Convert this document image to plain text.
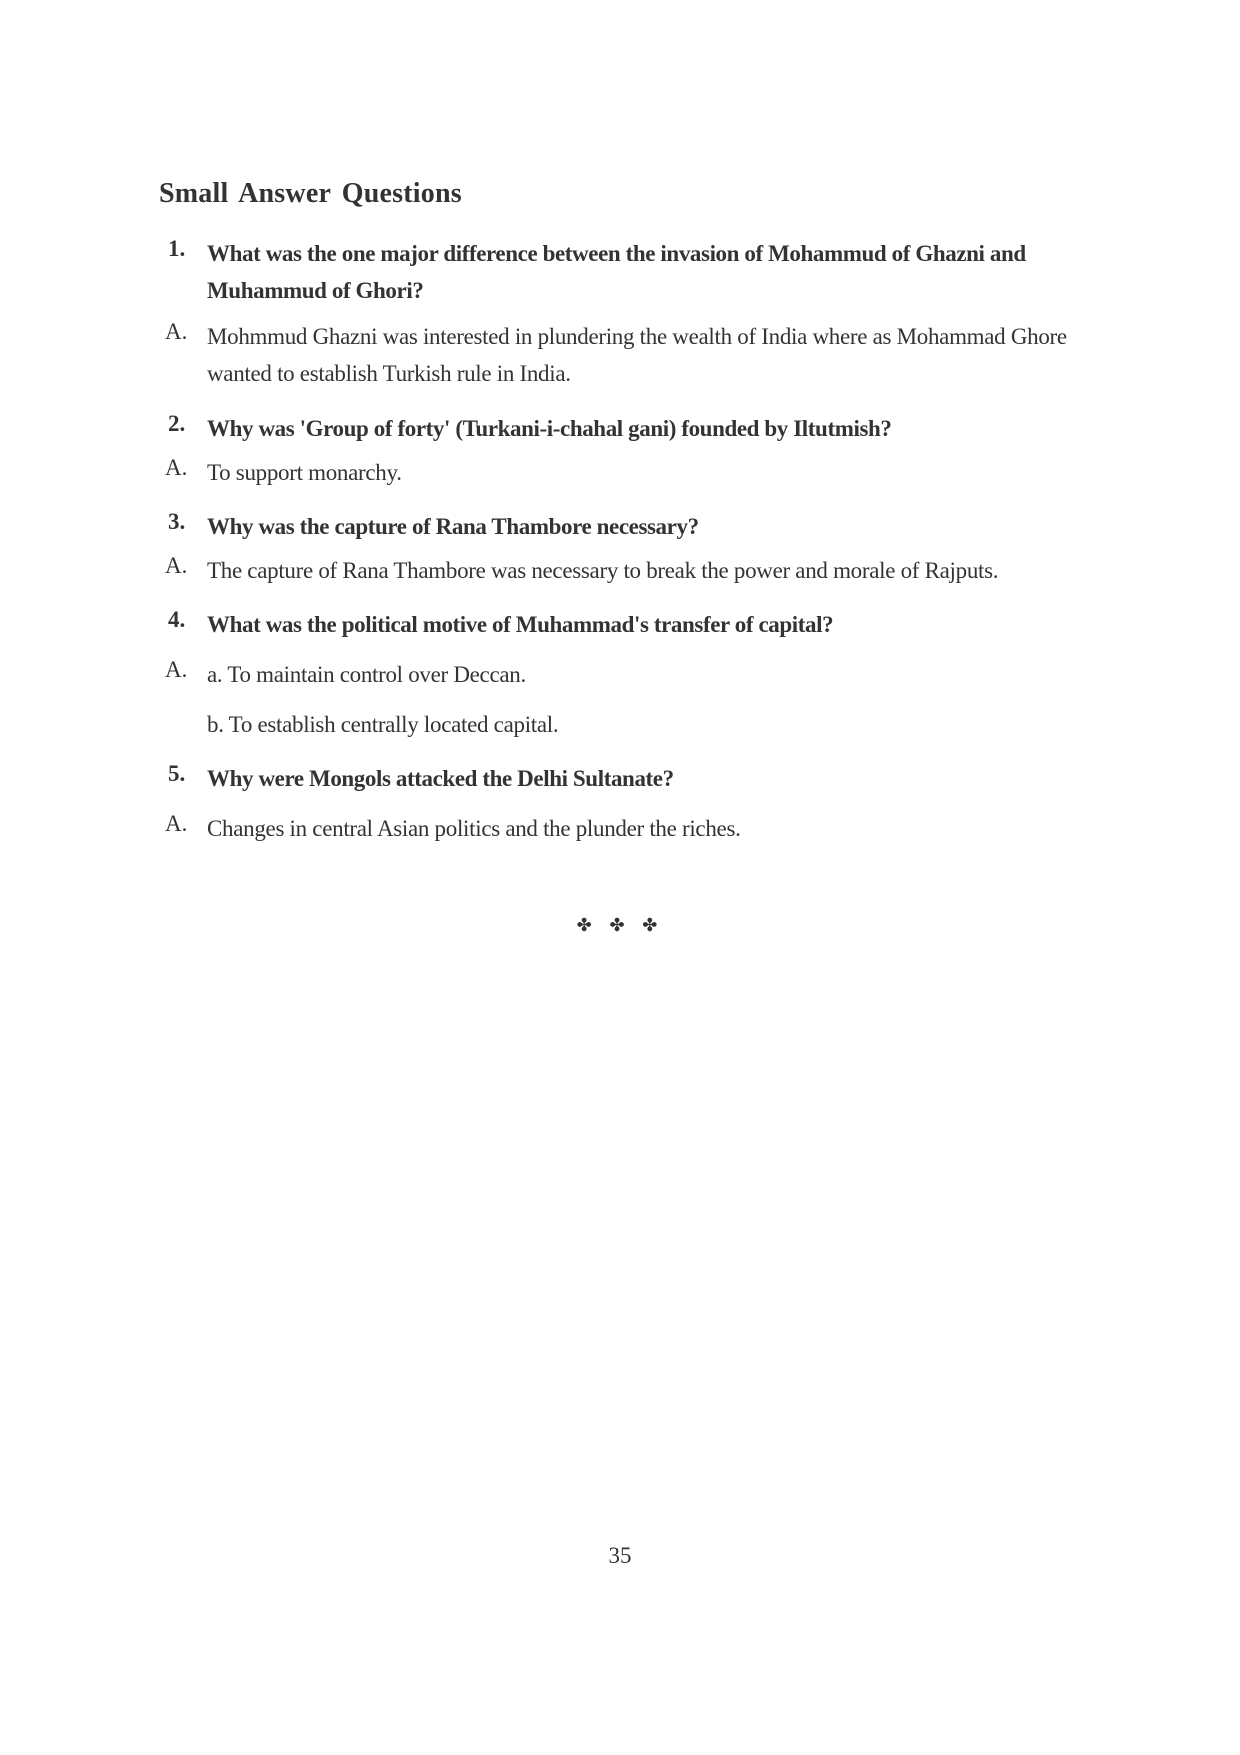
Small Answer Questions
1. What was the one major difference between the invasion of Mohammud of Ghazni and Muhammud of Ghori?
A. Mohmmud Ghazni was interested in plundering the wealth of India where as Mohammad Ghore wanted to establish Turkish rule in India.
2. Why was 'Group of forty' (Turkani-i-chahal gani) founded by Iltutmish?
A. To support monarchy.
3. Why was the capture of Rana Thambore necessary?
A. The capture of Rana Thambore was necessary to break the power and morale of Rajputs.
4. What was the political motive of Muhammad's transfer of capital?
A. a. To maintain control over Deccan.
b. To establish centrally located capital.
5. Why were Mongols attacked the Delhi Sultanate?
A. Changes in central Asian politics and the plunder the riches.
✤ ✤ ✤
35
